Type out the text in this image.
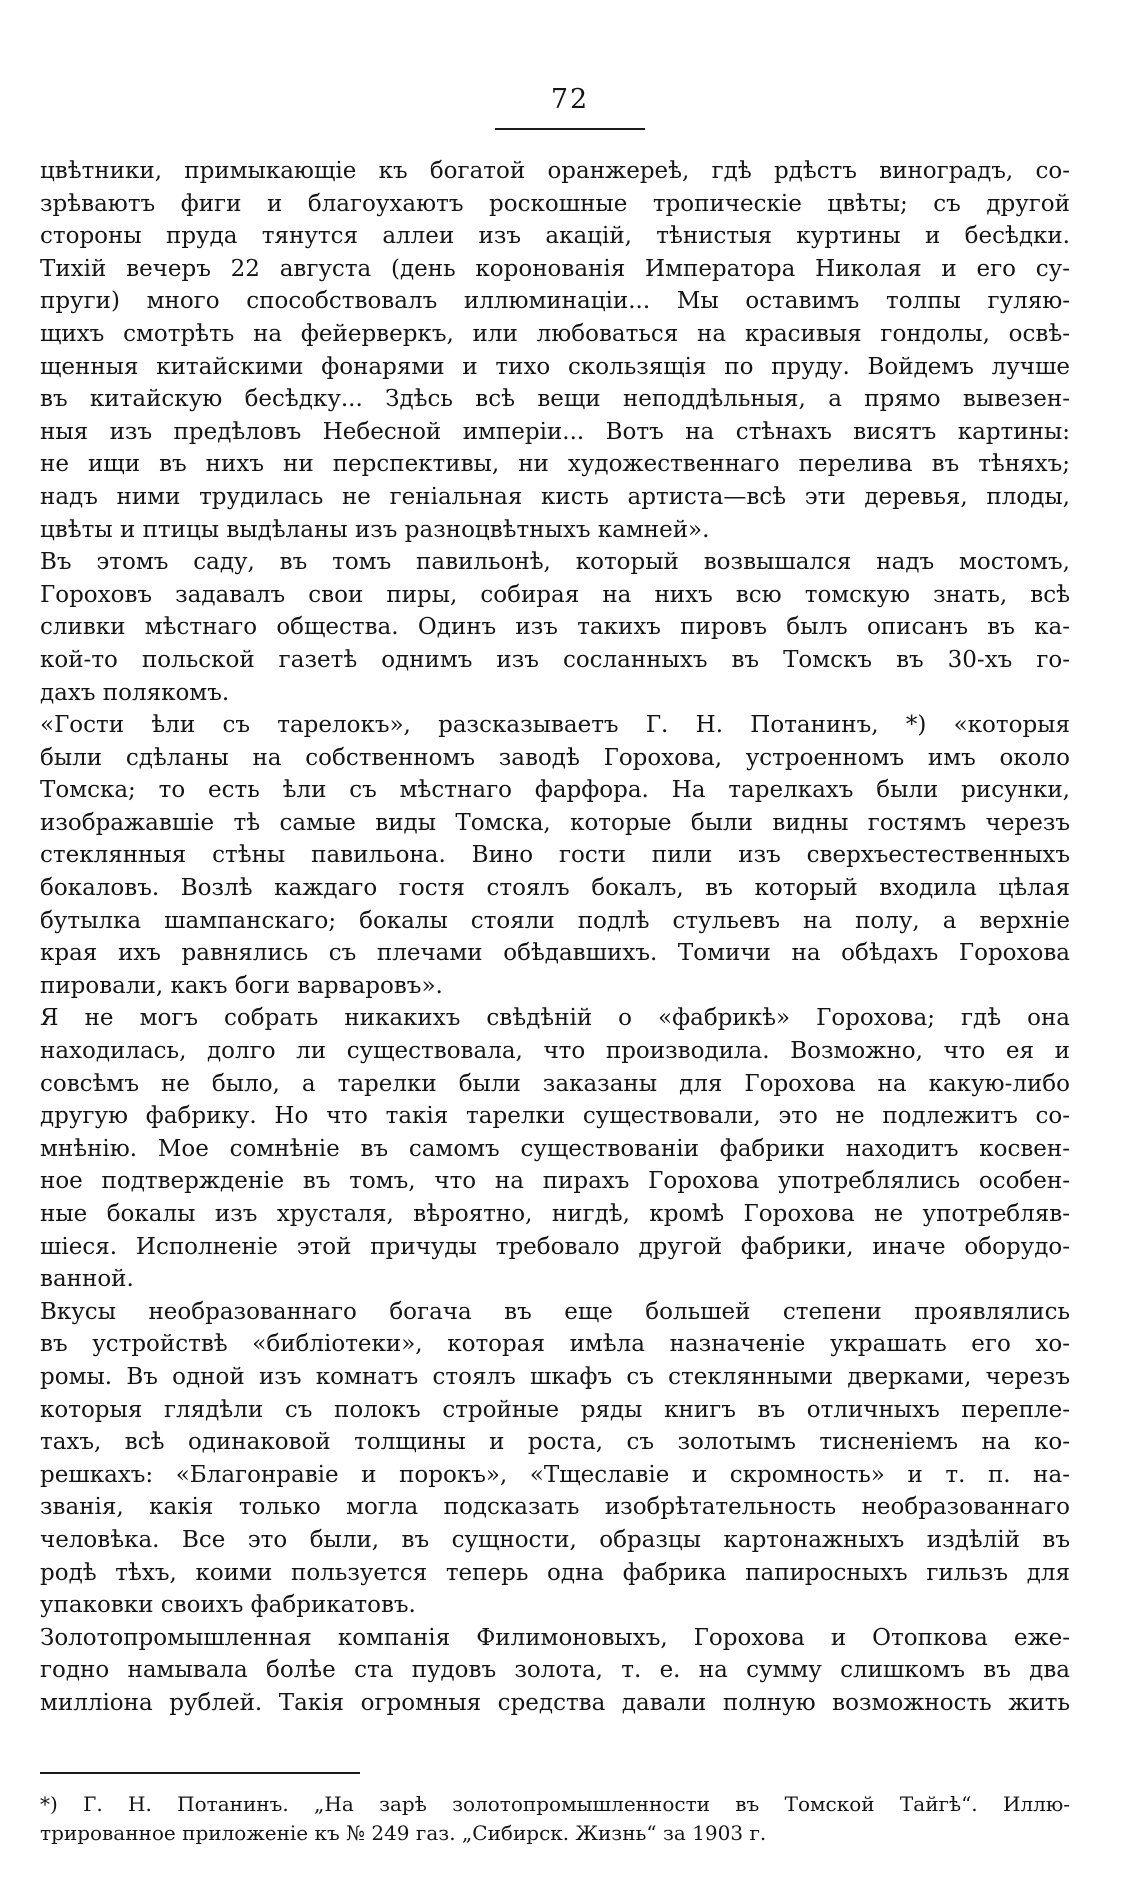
72
цвѣтники, примыкающіе къ богатой оранжереѣ, гдѣ рдѣстъ виноградъ, со-
зрѣваютъ фиги и благоухаютъ роскошные тропическіе цвѣты; съ другой
стороны пруда тянутся аллеи изъ акацій, тѣнистыя куртины и бесѣдки.
Тихій вечеръ 22 августа (день коронованія Императора Николая и его су-
пруги) много способствовалъ иллюминаціи... Мы оставимъ толпы гуляю-
щихъ смотрѣть на фейерверкъ, или любоваться на красивыя гондолы, освѣ-
щенныя китайскими фонарями и тихо скользящія по пруду. Войдемъ лучше
въ китайскую бесѣдку... Здѣсь всѣ вещи неподдѣльныя, а прямо вывезен-
ныя изъ предѣловъ Небесной имперіи... Вотъ на стѣнахъ висятъ картины:
не ищи въ нихъ ни перспективы, ни художественнаго перелива въ тѣняхъ;
надъ ними трудилась не геніальная кисть артиста—всѣ эти деревья, плоды,
цвѣты и птицы выдѣланы изъ разноцвѣтныхъ камней».
Въ этомъ саду, въ томъ павильонѣ, который возвышался надъ мостомъ,
Гороховъ задавалъ свои пиры, собирая на нихъ всю томскую знать, всѣ
сливки мѣстнаго общества. Одинъ изъ такихъ пировъ былъ описанъ въ ка-
кой-то польской газетѣ однимъ изъ сосланныхъ въ Томскъ въ 30-хъ го-
дахъ полякомъ.
«Гости ѣли съ тарелокъ», разсказываетъ Г. Н. Потанинъ, *) «которыя
были сдѣланы на собственномъ заводѣ Горохова, устроенномъ имъ около
Томска; то есть ѣли съ мѣстнаго фарфора. На тарелкахъ были рисунки,
изображавшіе тѣ самые виды Томска, которые были видны гостямъ черезъ
стеклянныя стѣны павильона. Вино гости пили изъ сверхъестественныхъ
бокаловъ. Возлѣ каждаго гостя стоялъ бокалъ, въ который входила цѣлая
бутылка шампанскаго; бокалы стояли подлѣ стульевъ на полу, а верхніе
края ихъ равнялись съ плечами обѣдавшихъ. Томичи на обѣдахъ Горохова
пировали, какъ боги варваровъ».
Я не могъ собрать никакихъ свѣдѣній о «фабрикѣ» Горохова; гдѣ она
находилась, долго ли существовала, что производила. Возможно, что ея и
совсѣмъ не было, а тарелки были заказаны для Горохова на какую-либо
другую фабрику. Но что такія тарелки существовали, это не подлежитъ со-
мнѣнію. Мое сомнѣніе въ самомъ существованіи фабрики находитъ косвен-
ное подтвержденіе въ томъ, что на пирахъ Горохова употреблялись особен-
ные бокалы изъ хрусталя, вѣроятно, нигдѣ, кромѣ Горохова не употребляв-
шіеся. Исполненіе этой причуды требовало другой фабрики, иначе оборудо-
ванной.
Вкусы необразованнаго богача въ еще большей степени проявлялись
въ устройствѣ «библіотеки», которая имѣла назначеніе украшать его хо-
ромы. Въ одной изъ комнатъ стоялъ шкафъ съ стеклянными дверками, черезъ
которыя глядѣли съ полокъ стройные ряды книгъ въ отличныхъ перепле-
тахъ, всѣ одинаковой толщины и роста, съ золотымъ тисненіемъ на ко-
решкахъ: «Благонравіе и порокъ», «Тщеславіе и скромность» и т. п. на-
званія, какія только могла подсказать изобрѣтательность необразованнаго
человѣка. Все это были, въ сущности, образцы картонажныхъ издѣлій въ
родѣ тѣхъ, коими пользуется теперь одна фабрика папиросныхъ гильзъ для
упаковки своихъ фабрикатовъ.
Золотопромышленная компанія Филимоновыхъ, Горохова и Отопкова еже-
годно намывала болѣе ста пудовъ золота, т. е. на сумму слишкомъ въ два
милліона рублей. Такія огромныя средства давали полную возможность жить
*) Г. Н. Потанинъ. „На зарѣ золотопромышленности въ Томской Тайгѣ“. Иллю-
трированное приложеніе къ № 249 газ. „Сибирск. Жизнь“ за 1903 г.
